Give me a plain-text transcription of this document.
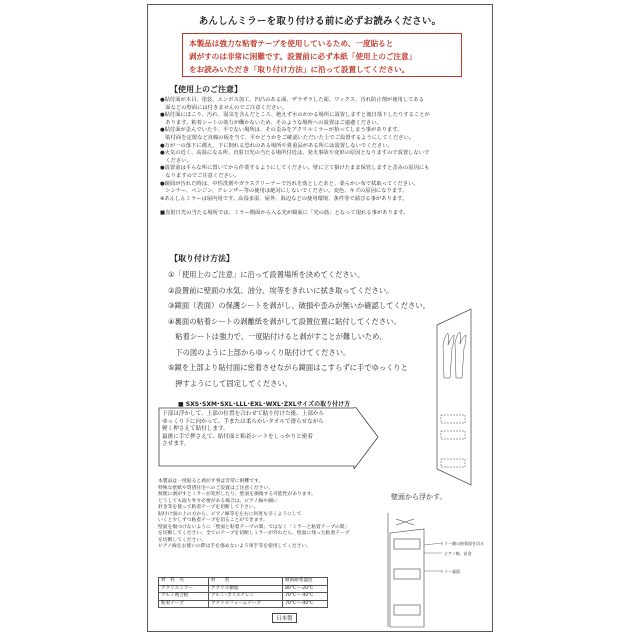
あんしんミラーを取り付ける前に必ずお読みください。
本製品は強力な粘着テープを使用しているため、一度貼ると
剥がすのは非常に困難です。設置前に必ず本紙「使用上のご注意」
をお読みいただき「取り付け方法」に沿って設置してください。
【使用上のご注意】

●貼付面が木目、塗装、エンボス加工、凹凸のある面、ザラザラした面、ワックス、汚れ防止剤が使用してある

　面などの壁面には付きませんのでご注意ください。

●貼付面にほこり、汚れ、湿気を含んだところ、絶えず水のかかる場所に設置しますと後日落下したりすることが

　あります。粘着シートの効力が働かないため、そのような場所への設置はご遠慮ください。

●貼付面が歪んでいたり、平でない場所は、その歪みをアクリルミラーが拾ってしまう事があります。

　貼付面を定規など直線の板を当て、平かどうかをご確認いただいた上でご設置するようにしてください。

●万が一の落下に備え、下に倒れる恐れのある場所や貴重品がある所には設置しないでください。

●火気の近く、高温になる所、直射日光の当たる場所付近は、発火事故や変形の原因となりますので設置しないで

　ください。

●設置前は平らな所に置いてから作業するようにしてください。壁に立て掛けたまま保管しますと歪みの原因にも

　なりますのでご注意ください。

●鏡面が汚れた時は、中性洗剤やガラスクリーナーで汚れを落としたあと、柔らかい布で拭取ってください。

　シンナー、ベンジン、クレンザー等の使用は絶対にしないでください。変色、キズの原因になります。

※あんしんミラーは屋内用です。高湿多湿、屋外、海辺などの使用環境、条件等で錆びる事があります。

■直射日光の当たる場所では、ミラー側面から入る光が鏡面に「光の筋」となって現れる事があります。

【取り付け方法】

①「使用上のご注意」に沿って設置場所を決めてください。

②設置前に壁面の水気、油分、埃等をきれいに拭き取ってください。

③鏡面（表面）の保護シートを剥がし、破損や歪みが無いか確認してください。

④裏面の粘着シートの剥離紙を剥がして設置位置に貼付してください。

　粘着シートは強力で、一度貼付けると剥がすことが難しいため、

　下の図のように上部からゆっくり貼付けてください。

⑤鏡を上部より貼付面に密着させながら鏡面はこすらずに手でゆっくりと

　押すようにして固定してください。

■ SXS･SXM･SXL･LLL･EXL･WXL･ZXLサイズの取り付け方

下部は浮かして、上部の位置を合わせて貼り付けた後、上部から

ゆっくり下に向かって、手または柔らかいタオルで滑らせながら

軽く押さえて貼付します。

最後に手で押さえて、貼付面と粘着シートをしっかりと密着

させます。

壁面から浮かす。

本製品は一度貼ると剥がす事は非常に困難です。

特殊な壁紙や賃貸住宅へのご設置はご注意ください。

無理に剥がすとミラーが変形したり、壁面を損傷する可能性があります。

どうしても取り外す必要がある場合は、ピアノ線や細い

針金等を使って粘着テープを切断して下さい。

貼付け面の上の方から、ピアノ線等を左右に何度も引くようにして

いくと少しずつ粘着テープを切ることができます。

壁面を傷つけないように「壁面と粘着テープの間」ではなく「ミラーと粘着テープの間」

を切断してください。全てのテープを切断しミラーが外れたら、壁面に残った粘着テープ

を切断してください。

ピアノ線をお使いの際は手を傷めないよう軍手等を使用してください。

材　料　名	材　　質	耐熱耐寒温度
アクリルミラー	アクリル樹脂	80℃〜-20℃
アルミ複合板	アルミ･ポリエチレン	70℃〜-40℃
粘着テープ	アクリルフォームテープ	70℃〜-40℃
日本製
ミラー側の接着面を切る
ピアノ線、針金
ミラー裏面
